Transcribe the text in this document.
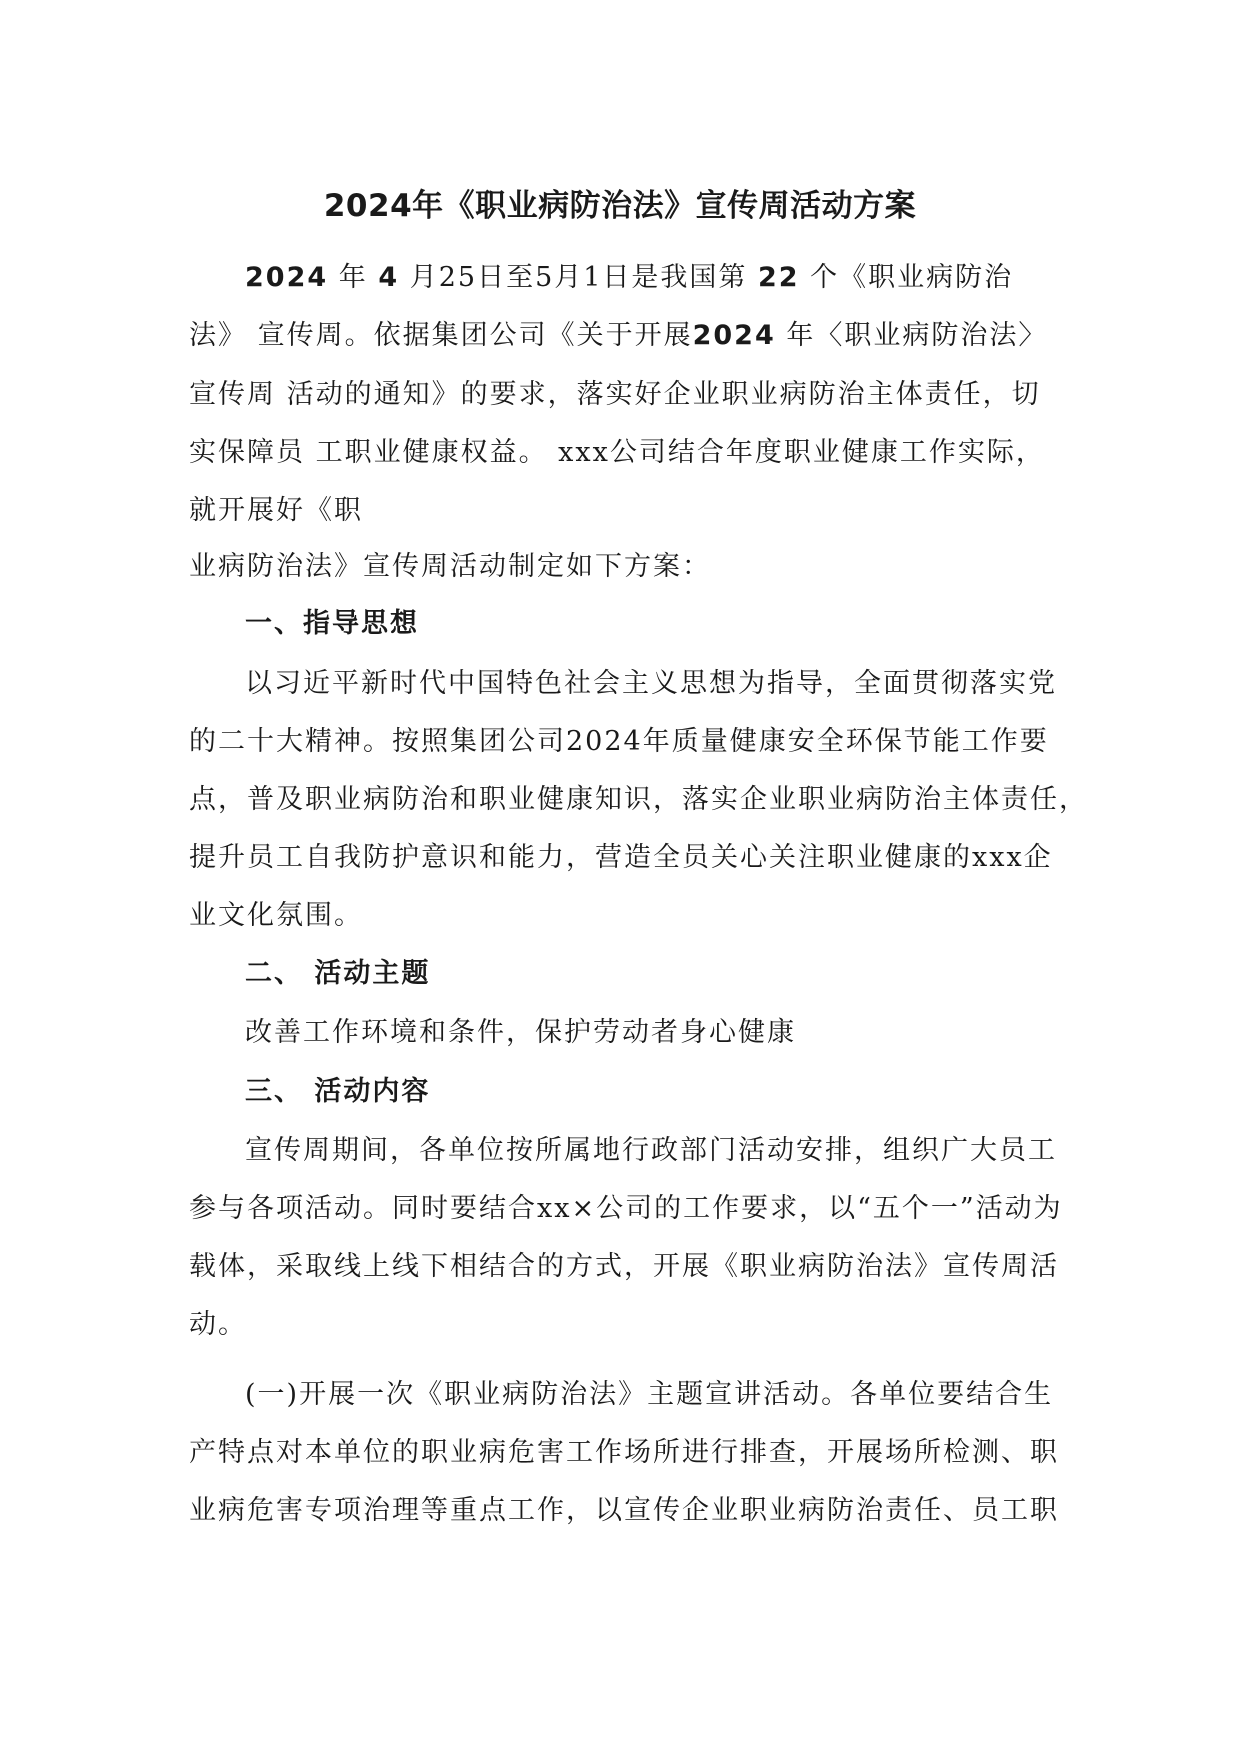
2024年《职业病防治法》宣传周活动方案
2024 年 4 月25日至5月1日是我国第 22 个《职业病防治
法》 宣传周。依据集团公司《关于开展2024 年〈职业病防治法〉
宣传周 活动的通知》的要求，落实好企业职业病防治主体责任，切
实保障员 工职业健康权益。 xxx公司结合年度职业健康工作实际，
就开展好《职
业病防治法》宣传周活动制定如下方案：
一、指导思想
以习近平新时代中国特色社会主义思想为指导，全面贯彻落实党
的二十大精神。按照集团公司2024年质量健康安全环保节能工作要
点，普及职业病防治和职业健康知识，落实企业职业病防治主体责任，
提升员工自我防护意识和能力，营造全员关心关注职业健康的xxx企
业文化氛围。
二、 活动主题
改善工作环境和条件，保护劳动者身心健康
三、 活动内容
宣传周期间，各单位按所属地行政部门活动安排，组织广大员工
参与各项活动。同时要结合xx×公司的工作要求，以“五个一”活动为
载体，采取线上线下相结合的方式，开展《职业病防治法》宣传周活
动。
(一)开展一次《职业病防治法》主题宣讲活动。各单位要结合生
产特点对本单位的职业病危害工作场所进行排查，开展场所检测、职
业病危害专项治理等重点工作，以宣传企业职业病防治责任、员工职
